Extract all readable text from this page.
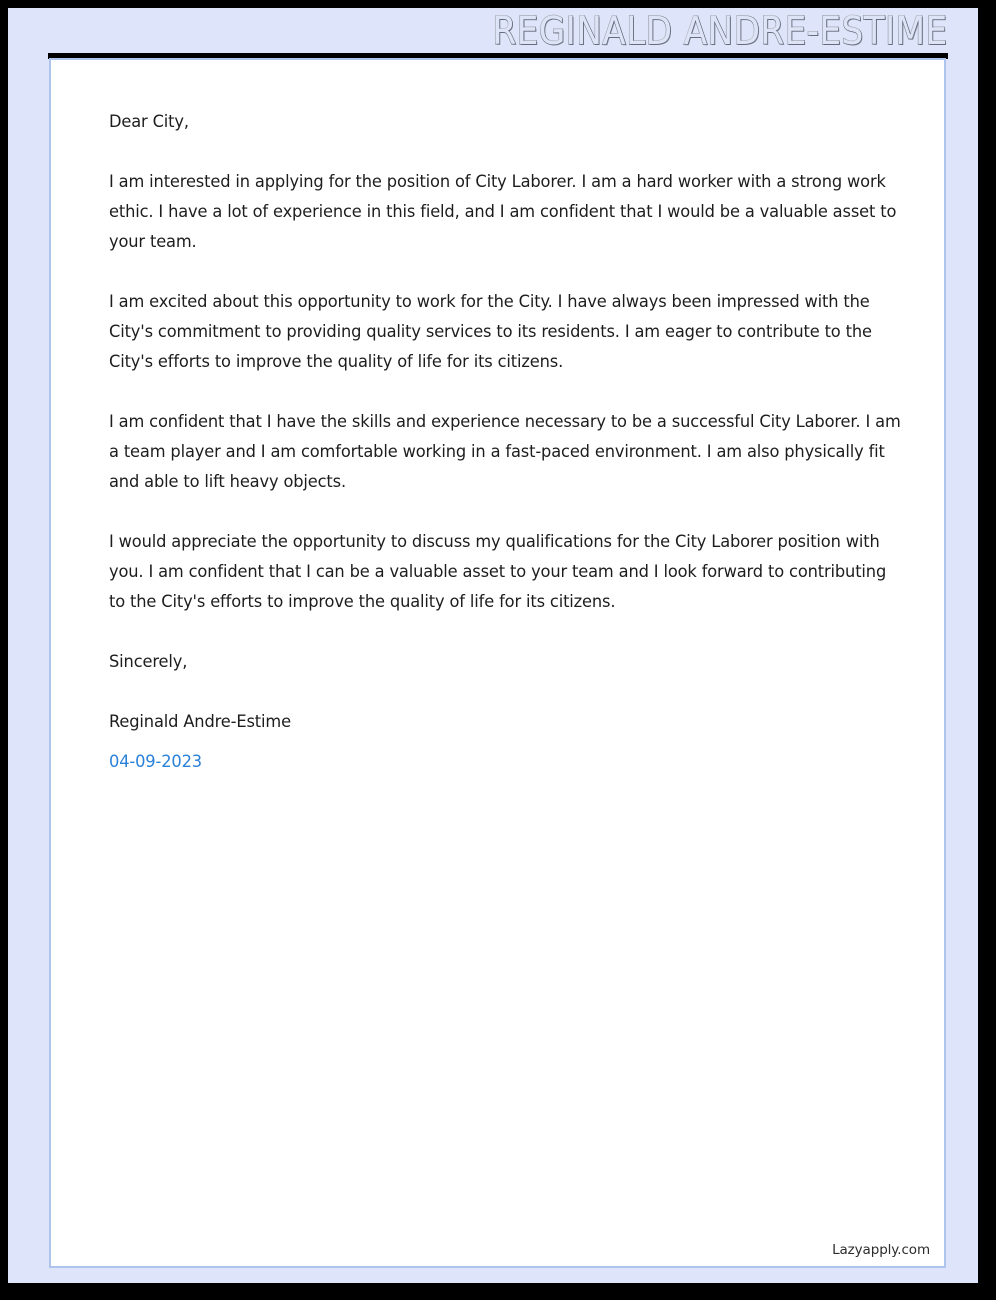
REGINALD ANDRE-ESTIME

Dear City,

I am interested in applying for the position of City Laborer. I am a hard worker with a strong work ethic. I have a lot of experience in this field, and I am confident that I would be a valuable asset to your team.

I am excited about this opportunity to work for the City. I have always been impressed with the City's commitment to providing quality services to its residents. I am eager to contribute to the City's efforts to improve the quality of life for its citizens.

I am confident that I have the skills and experience necessary to be a successful City Laborer. I am a team player and I am comfortable working in a fast-paced environment. I am also physically fit and able to lift heavy objects.

I would appreciate the opportunity to discuss my qualifications for the City Laborer position with you. I am confident that I can be a valuable asset to your team and I look forward to contributing to the City's efforts to improve the quality of life for its citizens.

Sincerely,

Reginald Andre-Estime

04-09-2023

Lazyapply.com
